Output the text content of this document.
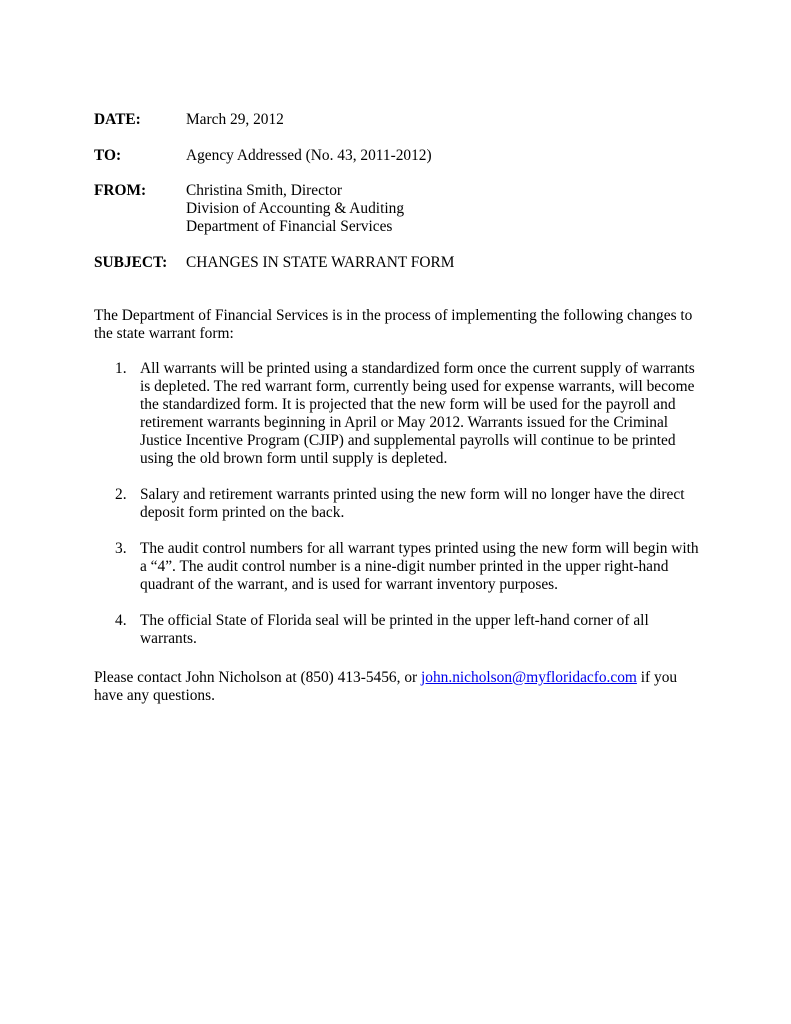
DATE:	March 29, 2012
TO:	Agency Addressed (No. 43, 2011-2012)
FROM:	Christina Smith, Director
Division of Accounting & Auditing
Department of Financial Services
SUBJECT: CHANGES IN STATE WARRANT FORM
The Department of Financial Services is in the process of implementing the following changes to the state warrant form:
1. All warrants will be printed using a standardized form once the current supply of warrants is depleted. The red warrant form, currently being used for expense warrants, will become the standardized form. It is projected that the new form will be used for the payroll and retirement warrants beginning in April or May 2012. Warrants issued for the Criminal Justice Incentive Program (CJIP) and supplemental payrolls will continue to be printed using the old brown form until supply is depleted.
2. Salary and retirement warrants printed using the new form will no longer have the direct deposit form printed on the back.
3. The audit control numbers for all warrant types printed using the new form will begin with a “4”. The audit control number is a nine-digit number printed in the upper right-hand quadrant of the warrant, and is used for warrant inventory purposes.
4. The official State of Florida seal will be printed in the upper left-hand corner of all warrants.
Please contact John Nicholson at (850) 413-5456, or john.nicholson@myfloridacfo.com if you have any questions.
